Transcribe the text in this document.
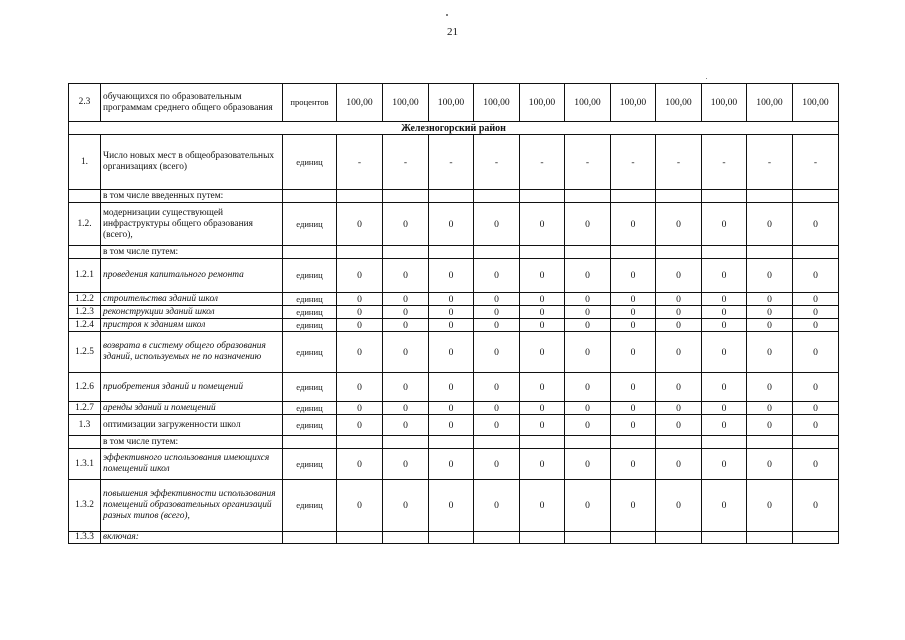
21
2.3	обучающихся по образовательным программам среднего общего образования	процентов	100,00	100,00	100,00	100,00	100,00	100,00	100,00	100,00	100,00	100,00	100,00
Железногорский район													
1.	Число новых мест в общеобразовательных организациях (всего)	единиц	-	-	-	-	-	-	-	-	-	-	-
	в том числе введенных путем:												
1.2.	модернизации существующей инфраструктуры общего образования (всего),	единиц	0	0	0	0	0	0	0	0	0	0	0
	в том числе путем:												
1.2.1	проведения капитального ремонта	единиц	0	0	0	0	0	0	0	0	0	0	0
1.2.2	строительства зданий школ	единиц	0	0	0	0	0	0	0	0	0	0	0
1.2.3	реконструкции зданий школ	единиц	0	0	0	0	0	0	0	0	0	0	0
1.2.4	пристроя к зданиям школ	единиц	0	0	0	0	0	0	0	0	0	0	0
1.2.5	возврата в систему общего образования зданий, используемых не по назначению	единиц	0	0	0	0	0	0	0	0	0	0	0
1.2.6	приобретения зданий и помещений	единиц	0	0	0	0	0	0	0	0	0	0	0
1.2.7	аренды зданий и помещений	единиц	0	0	0	0	0	0	0	0	0	0	0
1.3	оптимизации загруженности школ	единиц	0	0	0	0	0	0	0	0	0	0	0
	в том числе путем:												
1.3.1	эффективного использования имеющихся помещений школ	единиц	0	0	0	0	0	0	0	0	0	0	0
1.3.2	повышения эффективности использования помещений образовательных организаций разных типов (всего),	единиц	0	0	0	0	0	0	0	0	0	0	0
1.3.3	включая:												
